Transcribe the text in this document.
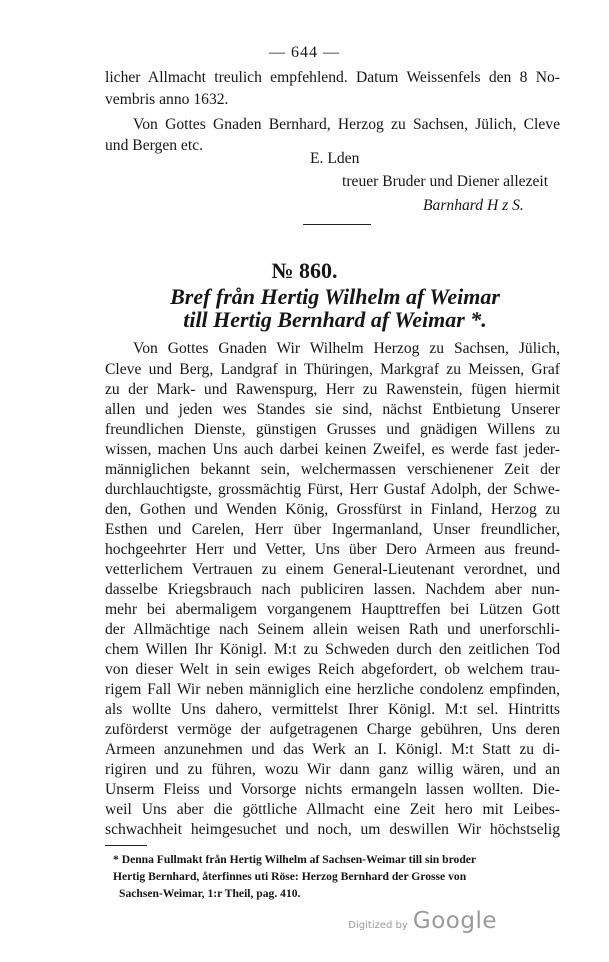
— 644 —
licher Allmacht treulich empfehlend. Datum Weissenfels den 8 No-
vembris anno 1632.
Von Gottes Gnaden Bernhard, Herzog zu Sachsen, Jülich, Cleve
und Bergen etc.
E. Lden
treuer Bruder und Diener allezeit
Barnhard H z S.
№ 860.
Bref från Hertig Wilhelm af Weimar
till Hertig Bernhard af Weimar *.
Von Gottes Gnaden Wir Wilhelm Herzog zu Sachsen, Jülich,
Cleve und Berg, Landgraf in Thüringen, Markgraf zu Meissen, Graf
zu der Mark- und Rawenspurg, Herr zu Rawenstein, fügen hiermit
allen und jeden wes Standes sie sind, nächst Entbietung Unserer
freundlichen Dienste, günstigen Grusses und gnädigen Willens zu
wissen, machen Uns auch darbei keinen Zweifel, es werde fast jeder-
männiglichen bekannt sein, welchermassen verschienener Zeit der
durchlauchtigste, grossmächtig Fürst, Herr Gustaf Adolph, der Schwe-
den, Gothen und Wenden König, Grossfürst in Finland, Herzog zu
Esthen und Carelen, Herr über Ingermanland, Unser freundlicher,
hochgeehrter Herr und Vetter, Uns über Dero Armeen aus freund-
vetterlichem Vertrauen zu einem General-Lieutenant verordnet, und
dasselbe Kriegsbrauch nach publiciren lassen. Nachdem aber nun-
mehr bei abermaligem vorgangenem Haupttreffen bei Lützen Gott
der Allmächtige nach Seinem allein weisen Rath und unerforschli-
chem Willen Ihr Königl. M:t zu Schweden durch den zeitlichen Tod
von dieser Welt in sein ewiges Reich abgefordert, ob welchem trau-
rigem Fall Wir neben männiglich eine herzliche condolenz empfinden,
als wollte Uns dahero, vermittelst Ihrer Königl. M:t sel. Hintritts
zuförderst vermöge der aufgetragenen Charge gebühren, Uns deren
Armeen anzunehmen und das Werk an I. Königl. M:t Statt zu di-
rigiren und zu führen, wozu Wir dann ganz willig wären, und an
Unserm Fleiss und Vorsorge nichts ermangeln lassen wollten. Die-
weil Uns aber die göttliche Allmacht eine Zeit hero mit Leibes-
schwachheit heimgesuchet und noch, um deswillen Wir höchstselig
* Denna Fullmakt från Hertig Wilhelm af Sachsen-Weimar till sin broder
Hertig Bernhard, återfinnes uti Röse: Herzog Bernhard der Grosse von
Sachsen-Weimar, 1:r Theil, pag. 410.
Digitized by Google
